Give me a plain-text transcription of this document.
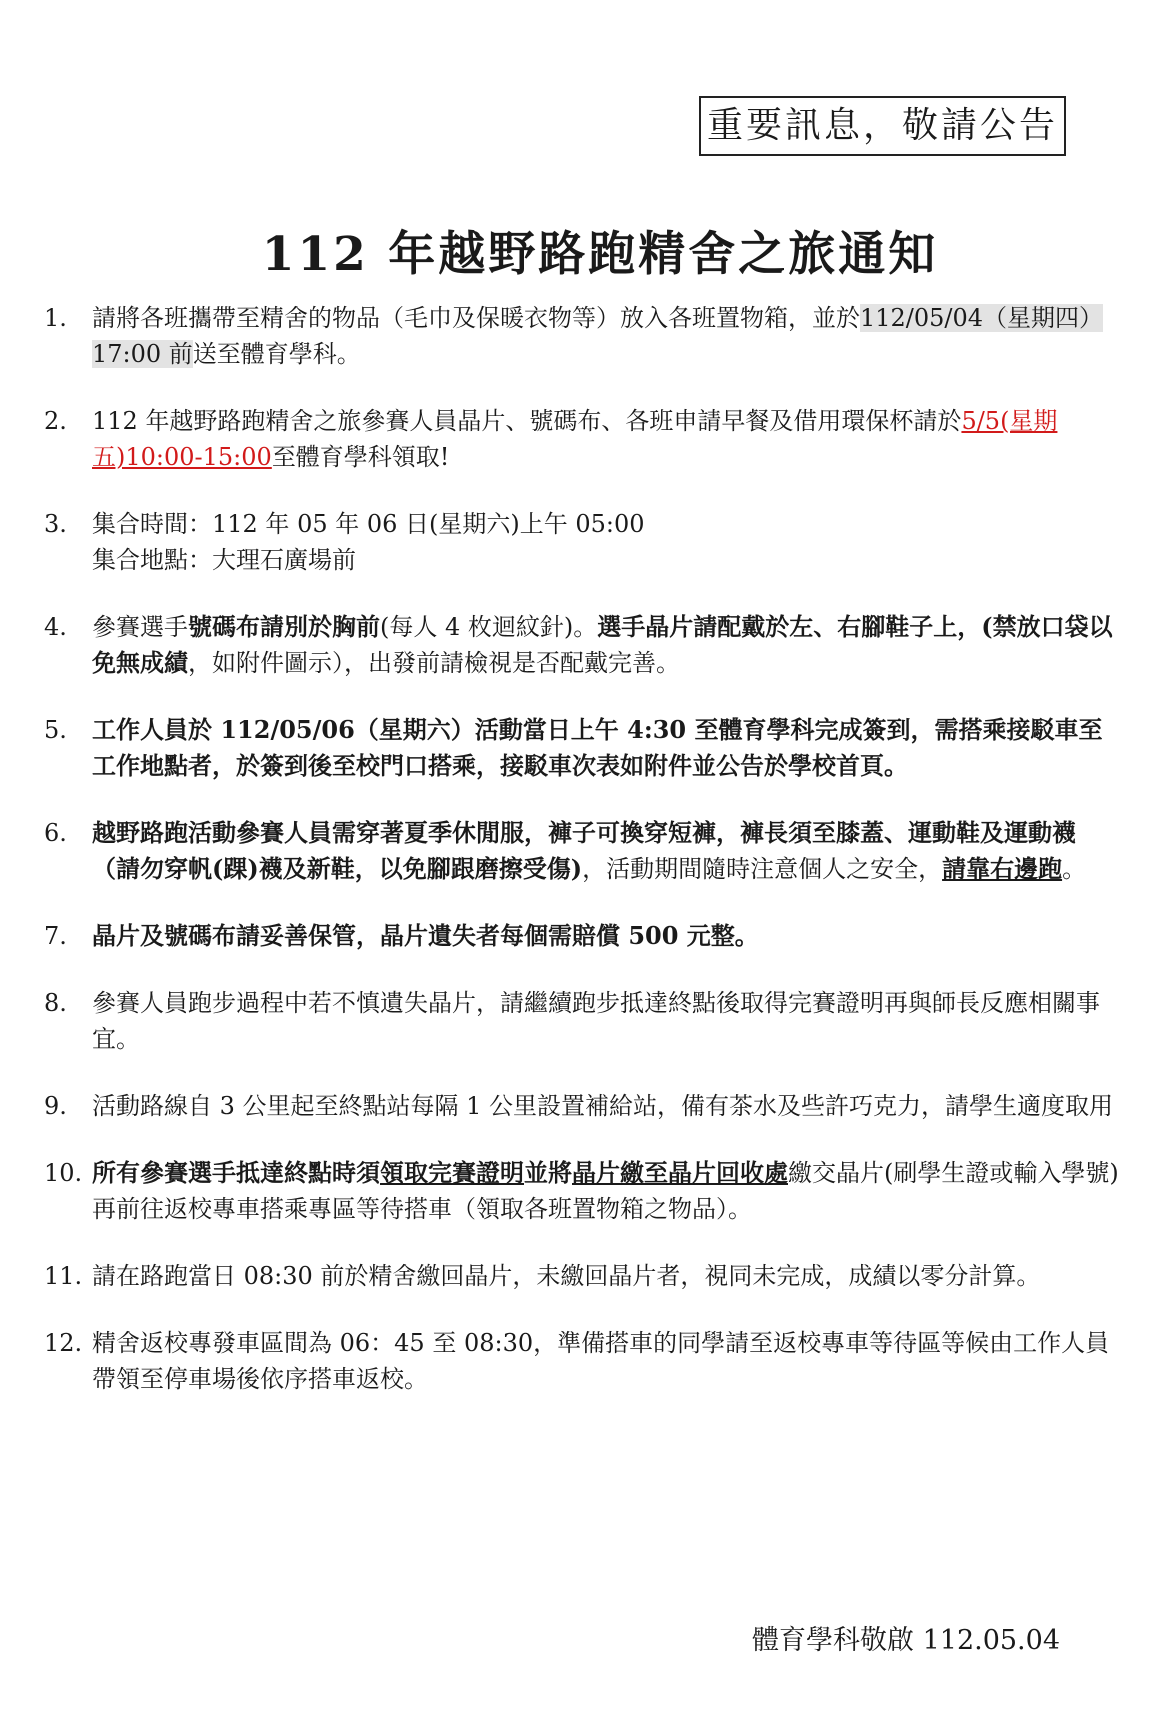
重要訊息，敬請公告
112 年越野路跑精舍之旅通知
1.	請將各班攜帶至精舍的物品（毛巾及保暖衣物等）放入各班置物箱，並於112/05/04（星期四）17:00 前送至體育學科。
2.	112 年越野路跑精舍之旅參賽人員晶片、號碼布、各班申請早餐及借用環保杯請於5/5(星期五)10:00-15:00至體育學科領取!
3.	集合時間：112 年 05 年 06 日(星期六)上午 05:00
集合地點：大理石廣場前
4.	參賽選手號碼布請別於胸前(每人 4 枚迴紋針)。選手晶片請配戴於左、右腳鞋子上，(禁放口袋以免無成績，如附件圖示），出發前請檢視是否配戴完善。
5.	工作人員於 112/05/06（星期六）活動當日上午 4:30 至體育學科完成簽到，需搭乘接駁車至工作地點者，於簽到後至校門口搭乘，接駁車次表如附件並公告於學校首頁。
6.	越野路跑活動參賽人員需穿著夏季休閒服，褲子可換穿短褲，褲長須至膝蓋、運動鞋及運動襪（請勿穿帆(踝)襪及新鞋，以免腳跟磨擦受傷)，活動期間隨時注意個人之安全，請靠右邊跑。
7.	晶片及號碼布請妥善保管，晶片遺失者每個需賠償 500 元整。
8.	參賽人員跑步過程中若不慎遺失晶片，請繼續跑步抵達終點後取得完賽證明再與師長反應相關事宜。
9.	活動路線自 3 公里起至終點站每隔 1 公里設置補給站，備有茶水及些許巧克力，請學生適度取用
10. 所有參賽選手抵達終點時須領取完賽證明並將晶片繳至晶片回收處繳交晶片(刷學生證或輸入學號)再前往返校專車搭乘專區等待搭車（領取各班置物箱之物品）。
11. 請在路跑當日 08:30 前於精舍繳回晶片，未繳回晶片者，視同未完成，成績以零分計算。
12. 精舍返校專發車區間為 06：45 至 08:30，準備搭車的同學請至返校專車等待區等候由工作人員帶領至停車場後依序搭車返校。
體育學科敬啟 112.05.04
